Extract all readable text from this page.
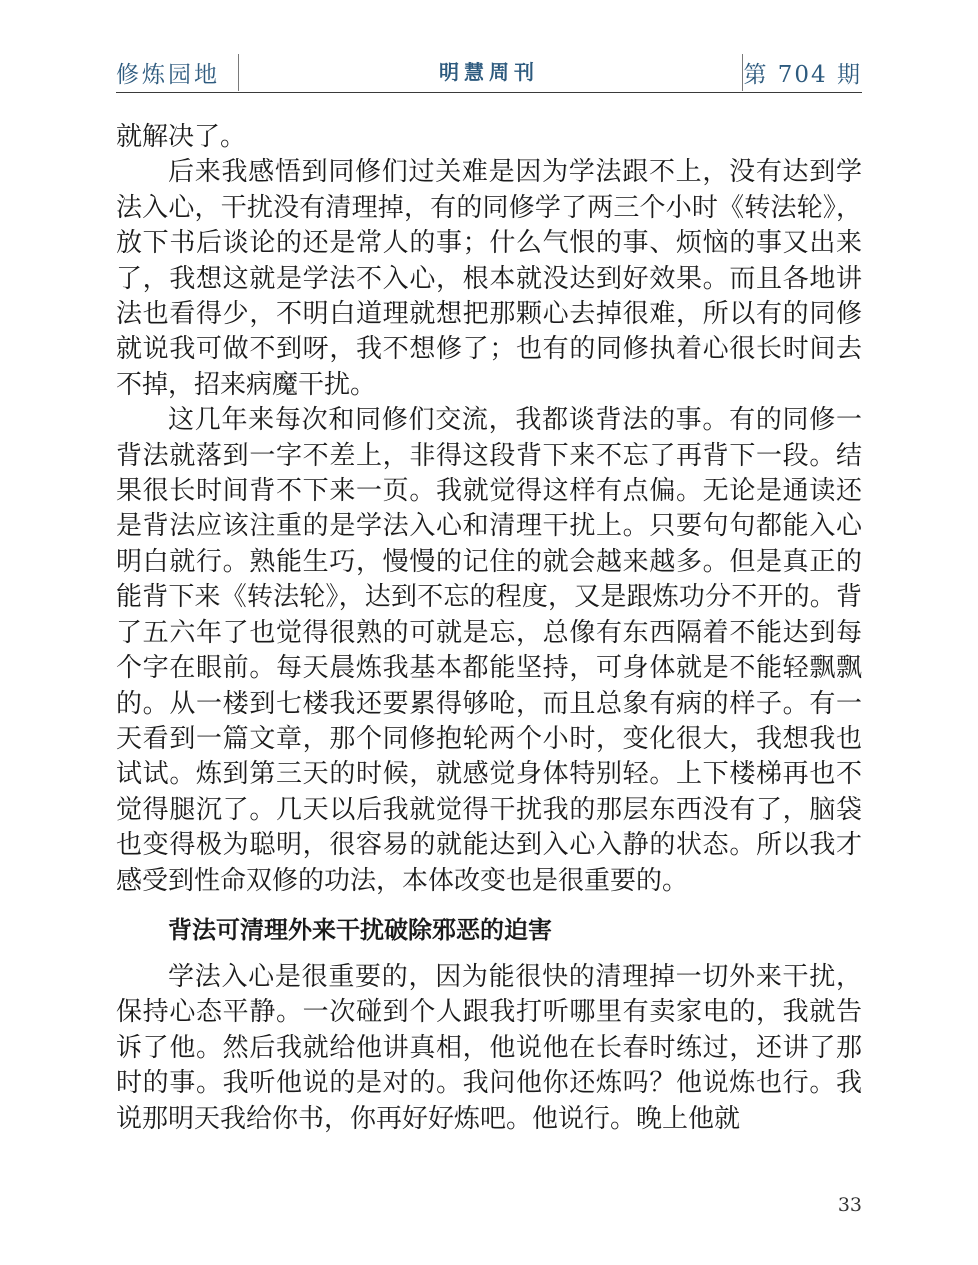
修炼园地	明慧周刊	第 704 期

就解决了。

后来我感悟到同修们过关难是因为学法跟不上，没有达到学法入心，干扰没有清理掉，有的同修学了两三个小时《转法轮》，放下书后谈论的还是常人的事；什么气恨的事、烦恼的事又出来了，我想这就是学法不入心，根本就没达到好效果。而且各地讲法也看得少，不明白道理就想把那颗心去掉很难，所以有的同修就说我可做不到呀，我不想修了；也有的同修执着心很长时间去不掉，招来病魔干扰。

这几年来每次和同修们交流，我都谈背法的事。有的同修一背法就落到一字不差上，非得这段背下来不忘了再背下一段。结果很长时间背不下来一页。我就觉得这样有点偏。无论是通读还是背法应该注重的是学法入心和清理干扰上。只要句句都能入心明白就行。熟能生巧，慢慢的记住的就会越来越多。但是真正的能背下来《转法轮》，达到不忘的程度，又是跟炼功分不开的。背了五六年了也觉得很熟的可就是忘，总像有东西隔着不能达到每个字在眼前。每天晨炼我基本都能坚持，可身体就是不能轻飘飘的。从一楼到七楼我还要累得够呛，而且总象有病的样子。有一天看到一篇文章，那个同修抱轮两个小时，变化很大，我想我也试试。炼到第三天的时候，就感觉身体特别轻。上下楼梯再也不觉得腿沉了。几天以后我就觉得干扰我的那层东西没有了，脑袋也变得极为聪明，很容易的就能达到入心入静的状态。所以我才感受到性命双修的功法，本体改变也是很重要的。

背法可清理外来干扰破除邪恶的迫害

学法入心是很重要的，因为能很快的清理掉一切外来干扰，保持心态平静。一次碰到个人跟我打听哪里有卖家电的，我就告诉了他。然后我就给他讲真相，他说他在长春时练过，还讲了那时的事。我听他说的是对的。我问他你还炼吗？他说炼也行。我说那明天我给你书，你再好好炼吧。他说行。晚上他就

33
